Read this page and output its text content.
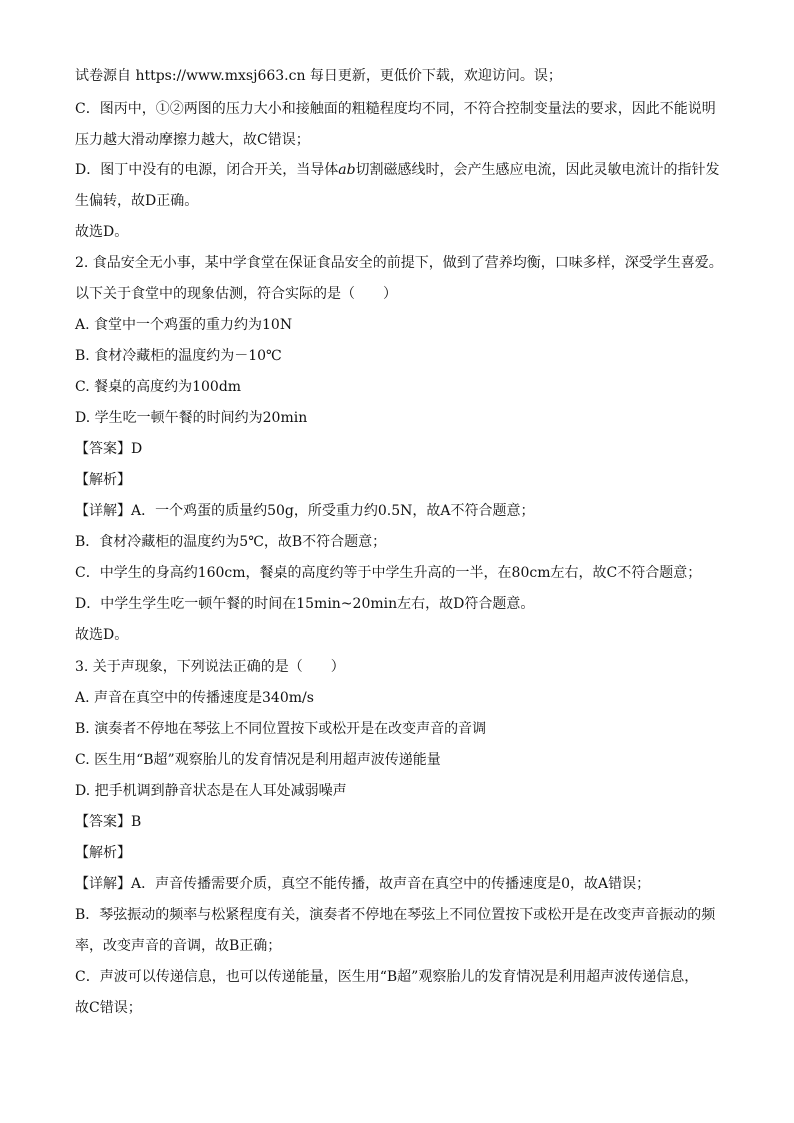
试卷源自 https://www.mxsj663.cn 每日更新，更低价下载，欢迎访问。误；
C．图丙中，①②两图的压力大小和接触面的粗糙程度均不同，不符合控制变量法的要求，因此不能说明
压力越大滑动摩擦力越大，故C错误；
D．图丁中没有的电源，闭合开关，当导体ab切割磁感线时，会产生感应电流，因此灵敏电流计的指针发
生偏转，故D正确。
故选D。
2. 食品安全无小事，某中学食堂在保证食品安全的前提下，做到了营养均衡，口味多样，深受学生喜爱。
以下关于食堂中的现象估测，符合实际的是（　　）
A. 食堂中一个鸡蛋的重力约为10N
B. 食材冷藏柜的温度约为－10℃
C. 餐桌的高度约为100dm
D. 学生吃一顿午餐的时间约为20min
【答案】D
【解析】
【详解】A．一个鸡蛋的质量约50g，所受重力约0.5N，故A不符合题意；
B．食材冷藏柜的温度约为5℃，故B不符合题意；
C．中学生的身高约160cm，餐桌的高度约等于中学生升高的一半，在80cm左右，故C不符合题意；
D．中学生学生吃一顿午餐的时间在15min~20min左右，故D符合题意。
故选D。
3. 关于声现象，下列说法正确的是（　　）
A. 声音在真空中的传播速度是340m/s
B. 演奏者不停地在琴弦上不同位置按下或松开是在改变声音的音调
C. 医生用“B超”观察胎儿的发育情况是利用超声波传递能量
D. 把手机调到静音状态是在人耳处减弱噪声
【答案】B
【解析】
【详解】A．声音传播需要介质，真空不能传播，故声音在真空中的传播速度是0，故A错误；
B．琴弦振动的频率与松紧程度有关，演奏者不停地在琴弦上不同位置按下或松开是在改变声音振动的频
率，改变声音的音调，故B正确；
C．声波可以传递信息，也可以传递能量，医生用“B超”观察胎儿的发育情况是利用超声波传递信息，
故C错误；
